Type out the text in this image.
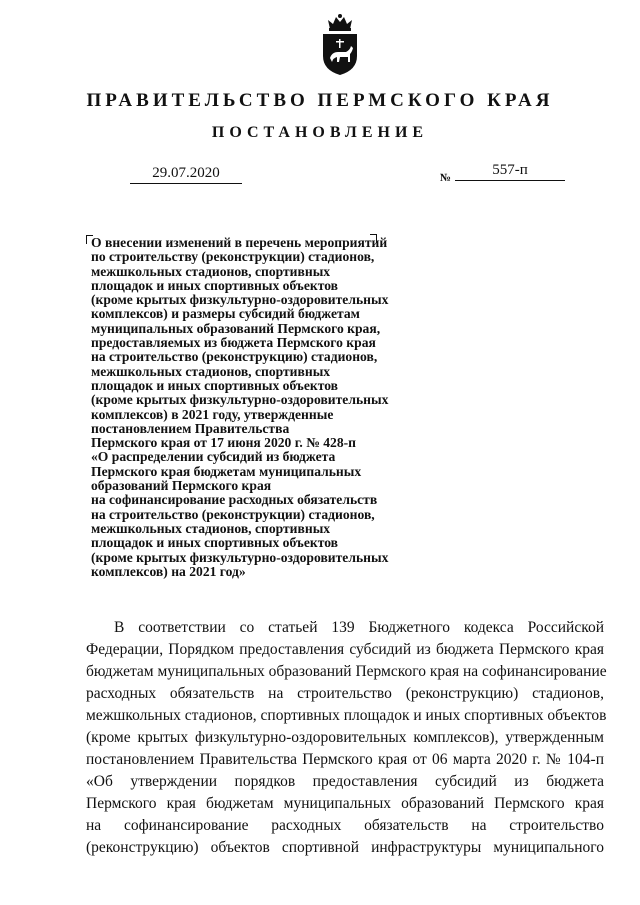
ПРАВИТЕЛЬСТВО ПЕРМСКОГО КРАЯ
ПОСТАНОВЛЕНИЕ
29.07.2020	№	557-п
О внесении изменений в перечень мероприятий
по строительству (реконструкции) стадионов,
межшкольных стадионов, спортивных
площадок и иных спортивных объектов
(кроме крытых физкультурно-оздоровительных
комплексов) и размеры субсидий бюджетам
муниципальных образований Пермского края,
предоставляемых из бюджета Пермского края
на строительство (реконструкцию) стадионов,
межшкольных стадионов, спортивных
площадок и иных спортивных объектов
(кроме крытых физкультурно-оздоровительных
комплексов) в 2021 году, утвержденные
постановлением Правительства
Пермского края от 17 июня 2020 г. № 428-п
«О распределении субсидий из бюджета
Пермского края бюджетам муниципальных
образований Пермского края
на софинансирование расходных обязательств
на строительство (реконструкции) стадионов,
межшкольных стадионов, спортивных
площадок и иных спортивных объектов
(кроме крытых физкультурно-оздоровительных
комплексов) на 2021 год»
В соответствии со статьей 139 Бюджетного кодекса Российской
Федерации, Порядком предоставления субсидий из бюджета Пермского края
бюджетам муниципальных образований Пермского края на софинансирование
расходных обязательств на строительство (реконструкцию) стадионов,
межшкольных стадионов, спортивных площадок и иных спортивных объектов
(кроме крытых физкультурно-оздоровительных комплексов), утвержденным
постановлением Правительства Пермского края от 06 марта 2020 г. № 104-п
«Об утверждении порядков предоставления субсидий из бюджета
Пермского края бюджетам муниципальных образований Пермского края
на софинансирование расходных обязательств на строительство
(реконструкцию) объектов спортивной инфраструктуры муниципального
